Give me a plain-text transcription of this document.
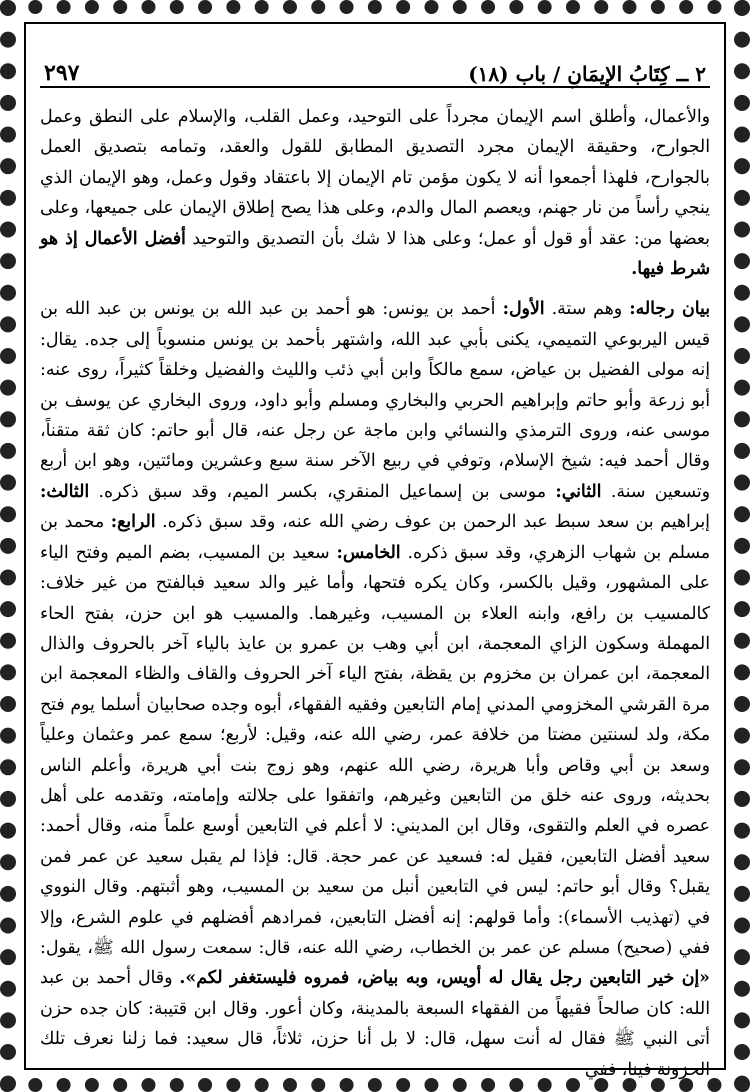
٢ ــ كِتَابُ الإيمَانِ / باب (١٨)
٢٩٧

والأعمال، وأطلق اسم الإيمان مجرداً على التوحيد، وعمل القلب، والإسلام على النطق وعمل الجوارح، وحقيقة الإيمان مجرد التصديق المطابق للقول والعقد، وتمامه بتصديق العمل بالجوارح، فلهذا أجمعوا أنه لا يكون مؤمن تام الإيمان إلا باعتقاد وقول وعمل، وهو الإيمان الذي ينجي رأساً من نار جهنم، ويعصم المال والدم، وعلى هذا يصح إطلاق الإيمان على جميعها، وعلى بعضها من: عقد أو قول أو عمل؛ وعلى هذا لا شك بأن التصديق والتوحيد أفضل الأعمال إذ هو شرط فيها.

بيان رجاله: وهم ستة. الأول: أحمد بن يونس: هو أحمد بن عبد الله بن يونس بن عبد الله بن قيس اليربوعي التميمي، يكنى بأبي عبد الله، واشتهر بأحمد بن يونس منسوباً إلى جده. يقال: إنه مولى الفضيل بن عياض، سمع مالكاً وابن أبي ذئب والليث والفضيل وخلقاً كثيراً، روى عنه: أبو زرعة وأبو حاتم وإبراهيم الحربي والبخاري ومسلم وأبو داود، وروى البخاري عن يوسف بن موسى عنه، وروى الترمذي والنسائي وابن ماجة عن رجل عنه، قال أبو حاتم: كان ثقة متقناً، وقال أحمد فيه: شيخ الإسلام، وتوفي في ربيع الآخر سنة سبع وعشرين ومائتين، وهو ابن أربع وتسعين سنة. الثاني: موسى بن إسماعيل المنقري، بكسر الميم، وقد سبق ذكره. الثالث: إبراهيم بن سعد سبط عبد الرحمن بن عوف رضي الله عنه، وقد سبق ذكره. الرابع: محمد بن مسلم بن شهاب الزهري، وقد سبق ذكره. الخامس: سعيد بن المسيب، بضم الميم وفتح الياء على المشهور، وقيل بالكسر، وكان يكره فتحها، وأما غير والد سعيد فبالفتح من غير خلاف: كالمسيب بن رافع، وابنه العلاء بن المسيب، وغيرهما. والمسيب هو ابن حزن، بفتح الحاء المهملة وسكون الزاي المعجمة، ابن أبي وهب بن عمرو بن عايذ بالياء آخر بالحروف والذال المعجمة، ابن عمران بن مخزوم بن يقظة، بفتح الياء آخر الحروف والقاف والظاء المعجمة ابن مرة القرشي المخزومي المدني إمام التابعين وفقيه الفقهاء، أبوه وجده صحابيان أسلما يوم فتح مكة، ولد لسنتين مضتا من خلافة عمر، رضي الله عنه، وقيل: لأربع؛ سمع عمر وعثمان وعلياً وسعد بن أبي وقاص وأبا هريرة، رضي الله عنهم، وهو زوج بنت أبي هريرة، وأعلم الناس بحديثه، وروى عنه خلق من التابعين وغيرهم، واتفقوا على جلالته وإمامته، وتقدمه على أهل عصره في العلم والتقوى، وقال ابن المديني: لا أعلم في التابعين أوسع علماً منه، وقال أحمد: سعيد أفضل التابعين، فقيل له: فسعيد عن عمر حجة. قال: فإذا لم يقبل سعيد عن عمر فمن يقبل؟ وقال أبو حاتم: ليس في التابعين أنبل من سعيد بن المسيب، وهو أثبتهم. وقال النووي في (تهذيب الأسماء): وأما قولهم: إنه أفضل التابعين، فمرادهم أفضلهم في علوم الشرع، وإلا ففي (صحيح) مسلم عن عمر بن الخطاب، رضي الله عنه، قال: سمعت رسول الله ﷺ، يقول: «إن خير التابعين رجل يقال له أويس، وبه بياض، فمروه فليستغفر لكم». وقال أحمد بن عبد الله: كان صالحاً فقيهاً من الفقهاء السبعة بالمدينة، وكان أعور. وقال ابن قتيبة: كان جده حزن أتى النبي ﷺ فقال له أنت سهل، قال: لا بل أنا حزن، ثلاثاً، قال سعيد: فما زلنا نعرف تلك الحزونة فينا، ففي
